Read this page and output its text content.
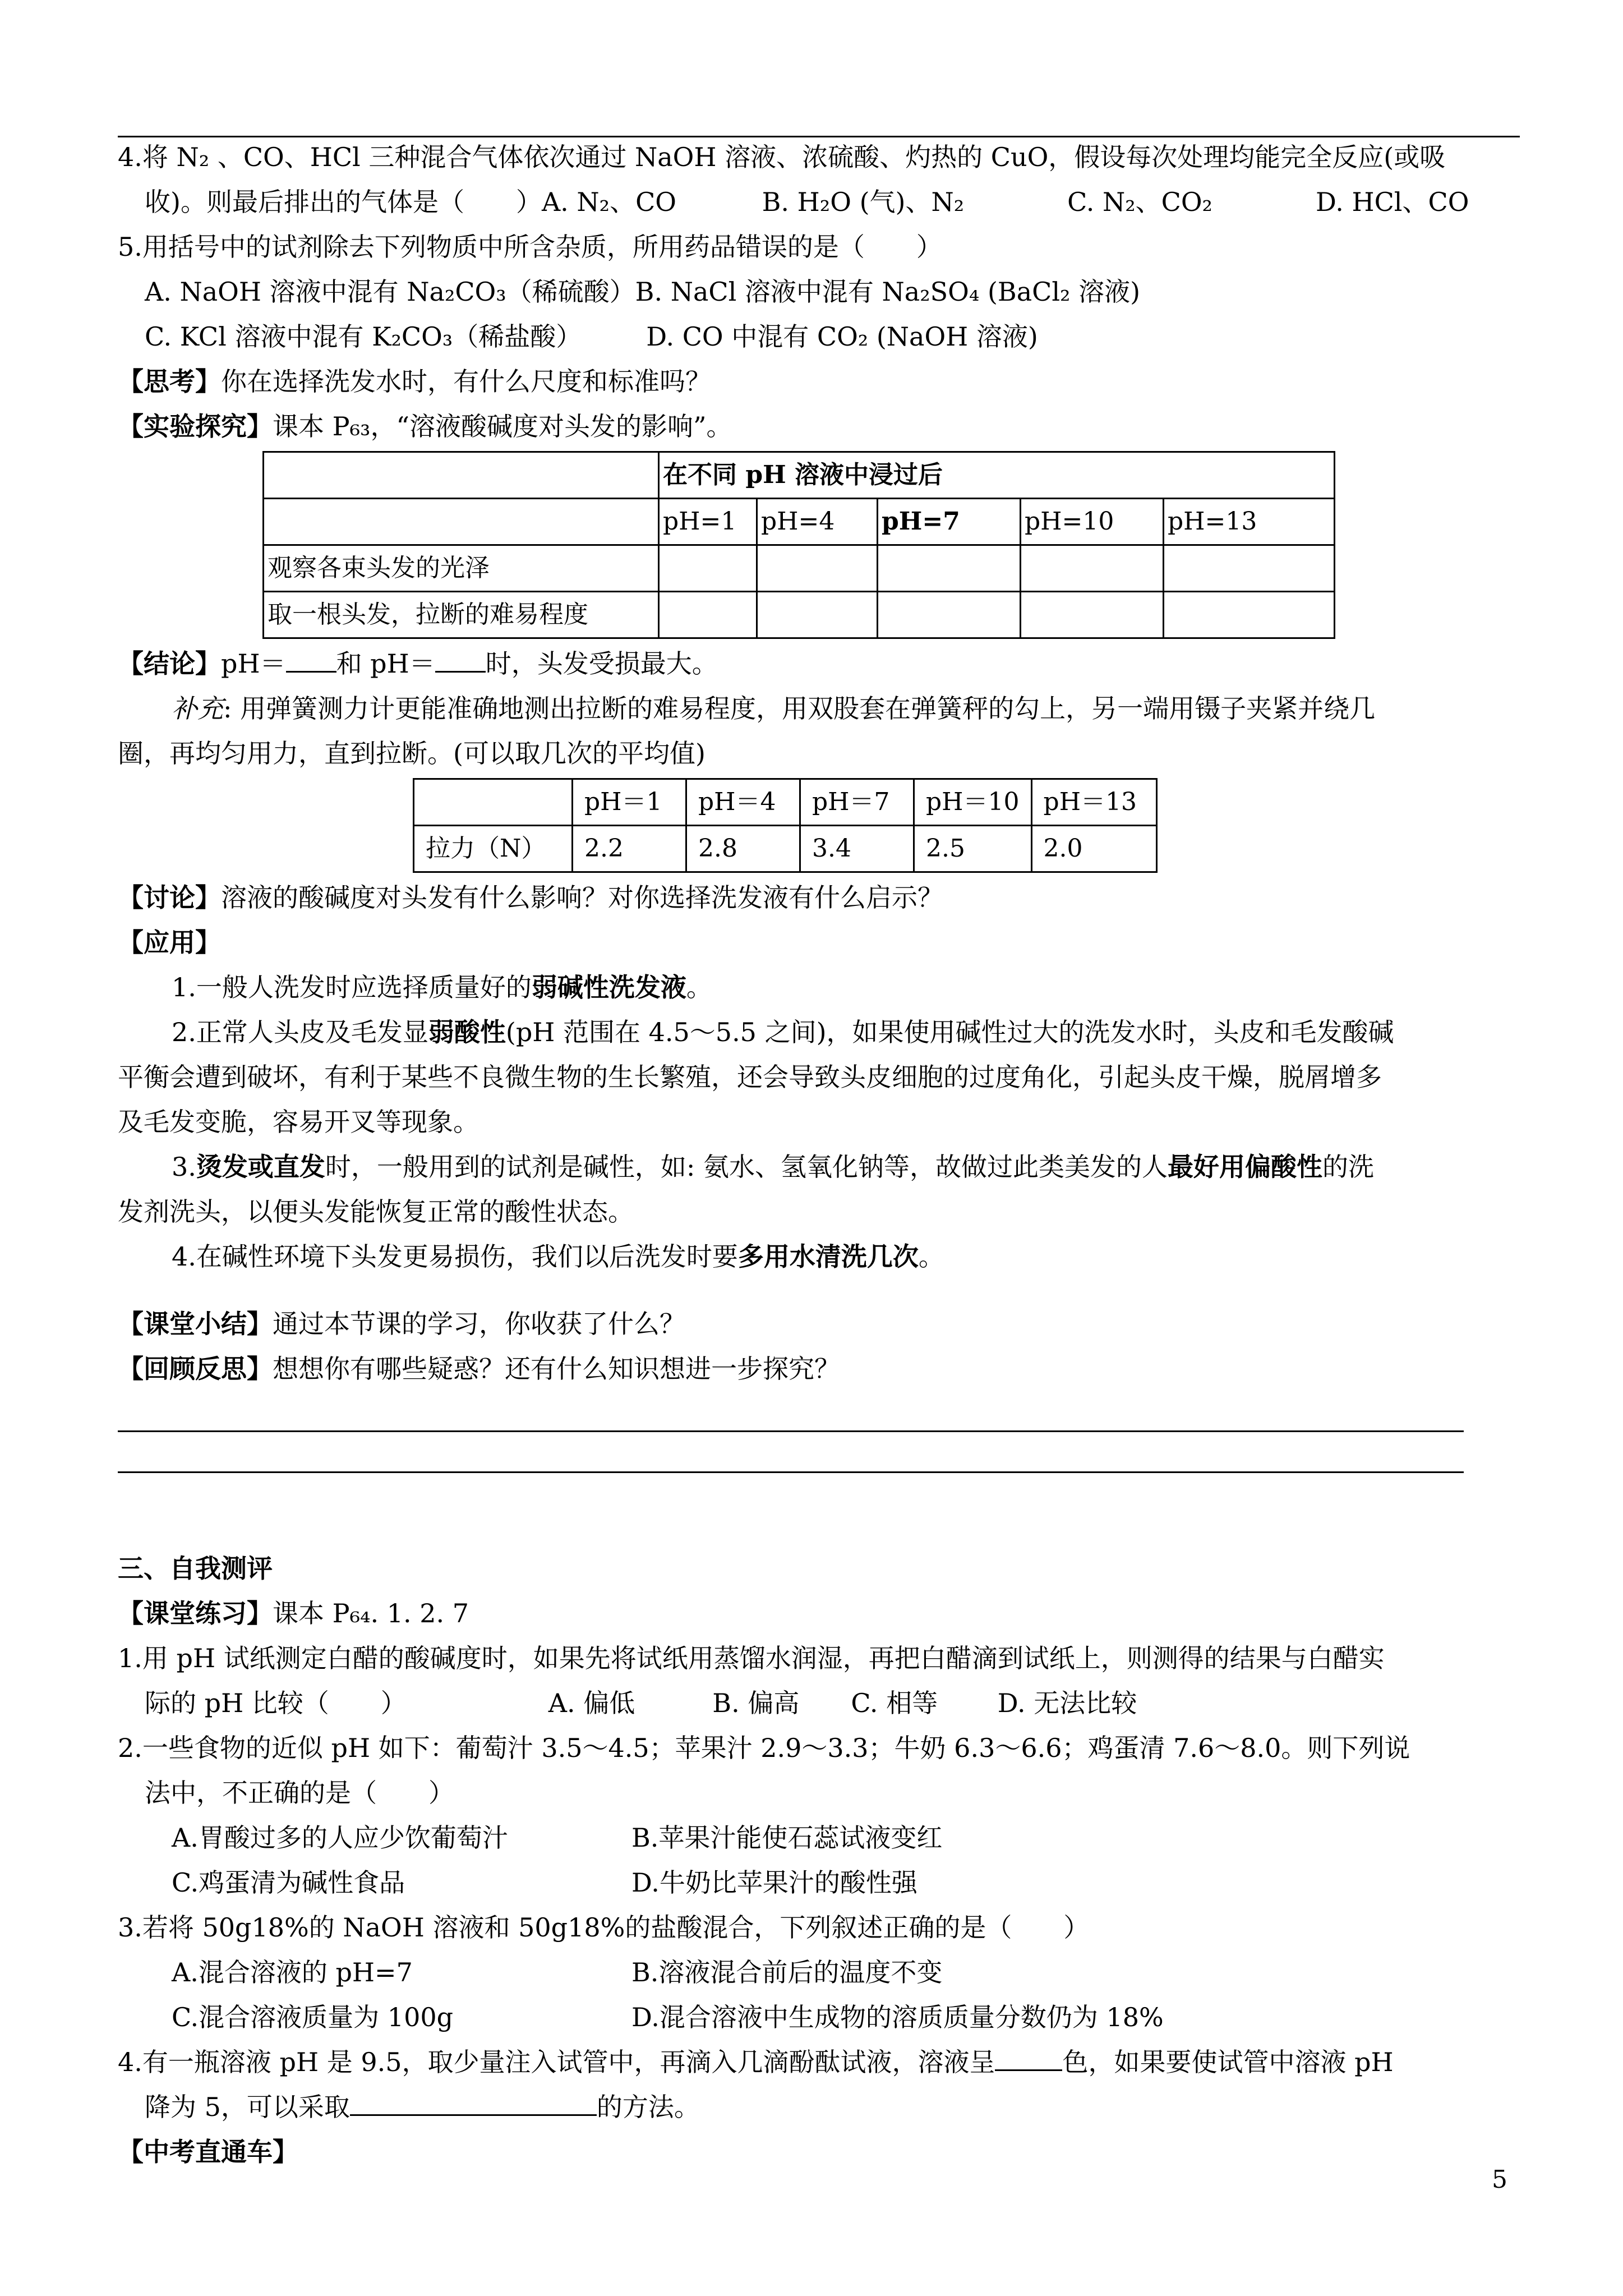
4.将 N₂ 、CO、HCl 三种混合气体依次通过 NaOH 溶液、浓硫酸、灼热的 CuO，假设每次处理均能完全反应(或吸
收)。则最后排出的气体是（　　）A. N₂、CO　　　 B. H₂O (气)、N₂　　　　C. N₂、CO₂　　　　D. HCl、CO
5.用括号中的试剂除去下列物质中所含杂质，所用药品错误的是（　　）
A. NaOH 溶液中混有 Na₂CO₃（稀硫酸）B. NaCl 溶液中混有 Na₂SO₄ (BaCl₂ 溶液)
C. KCl 溶液中混有 K₂CO₃（稀盐酸）　　　D. CO 中混有 CO₂ (NaOH 溶液)
【思考】你在选择洗发水时，有什么尺度和标准吗？
【实验探究】课本 P₆₃，“溶液酸碱度对头发的影响”。
	在不同 pH 溶液中浸过后				
	pH=1	pH=4	pH=7	pH=10	pH=13
观察各束头发的光泽					
取一根头发，拉断的难易程度					
【结论】pH＝ 和 pH＝ 时，头发受损最大。
补充: 用弹簧测力计更能准确地测出拉断的难易程度，用双股套在弹簧秤的勾上，另一端用镊子夹紧并绕几
圈，再均匀用力，直到拉断。(可以取几次的平均值)
	pH＝1	pH＝4	pH＝7	pH＝10	pH＝13
拉力（N）	2.2	2.8	3.4	2.5	2.0
【讨论】溶液的酸碱度对头发有什么影响？对你选择洗发液有什么启示？
【应用】
1.一般人洗发时应选择质量好的弱碱性洗发液。
2.正常人头皮及毛发显弱酸性(pH 范围在 4.5～5.5 之间)，如果使用碱性过大的洗发水时，头皮和毛发酸碱
平衡会遭到破坏，有利于某些不良微生物的生长繁殖，还会导致头皮细胞的过度角化，引起头皮干燥，脱屑增多
及毛发变脆，容易开叉等现象。
3.烫发或直发时，一般用到的试剂是碱性，如: 氨水、氢氧化钠等，故做过此类美发的人最好用偏酸性的洗
发剂洗头，以便头发能恢复正常的酸性状态。
4.在碱性环境下头发更易损伤，我们以后洗发时要多用水清洗几次。
【课堂小结】通过本节课的学习，你收获了什么？
【回顾反思】想想你有哪些疑惑？还有什么知识想进一步探究？
三、自我测评
【课堂练习】课本 P₆₄. 1. 2. 7
1.用 pH 试纸测定白醋的酸碱度时，如果先将试纸用蒸馏水润湿，再把白醋滴到试纸上，则测得的结果与白醋实
际的 pH 比较（　　）　　　　　　A. 偏低　　　B. 偏高　　C. 相等　　 D. 无法比较
2.一些食物的近似 pH 如下：葡萄汁 3.5～4.5；苹果汁 2.9～3.3；牛奶 6.3～6.6；鸡蛋清 7.6～8.0。则下列说
法中，不正确的是（　　）
A.胃酸过多的人应少饮葡萄汁	B.苹果汁能使石蕊试液变红
C.鸡蛋清为碱性食品	D.牛奶比苹果汁的酸性强
3.若将 50g18%的 NaOH 溶液和 50g18%的盐酸混合，下列叙述正确的是（　　）
A.混合溶液的 pH=7	B.溶液混合前后的温度不变
C.混合溶液质量为 100g	D.混合溶液中生成物的溶质质量分数仍为 18%
4.有一瓶溶液 pH 是 9.5，取少量注入试管中，再滴入几滴酚酞试液，溶液呈	色，如果要使试管中溶液 pH
降为 5，可以采取	的方法。
【中考直通车】
5
